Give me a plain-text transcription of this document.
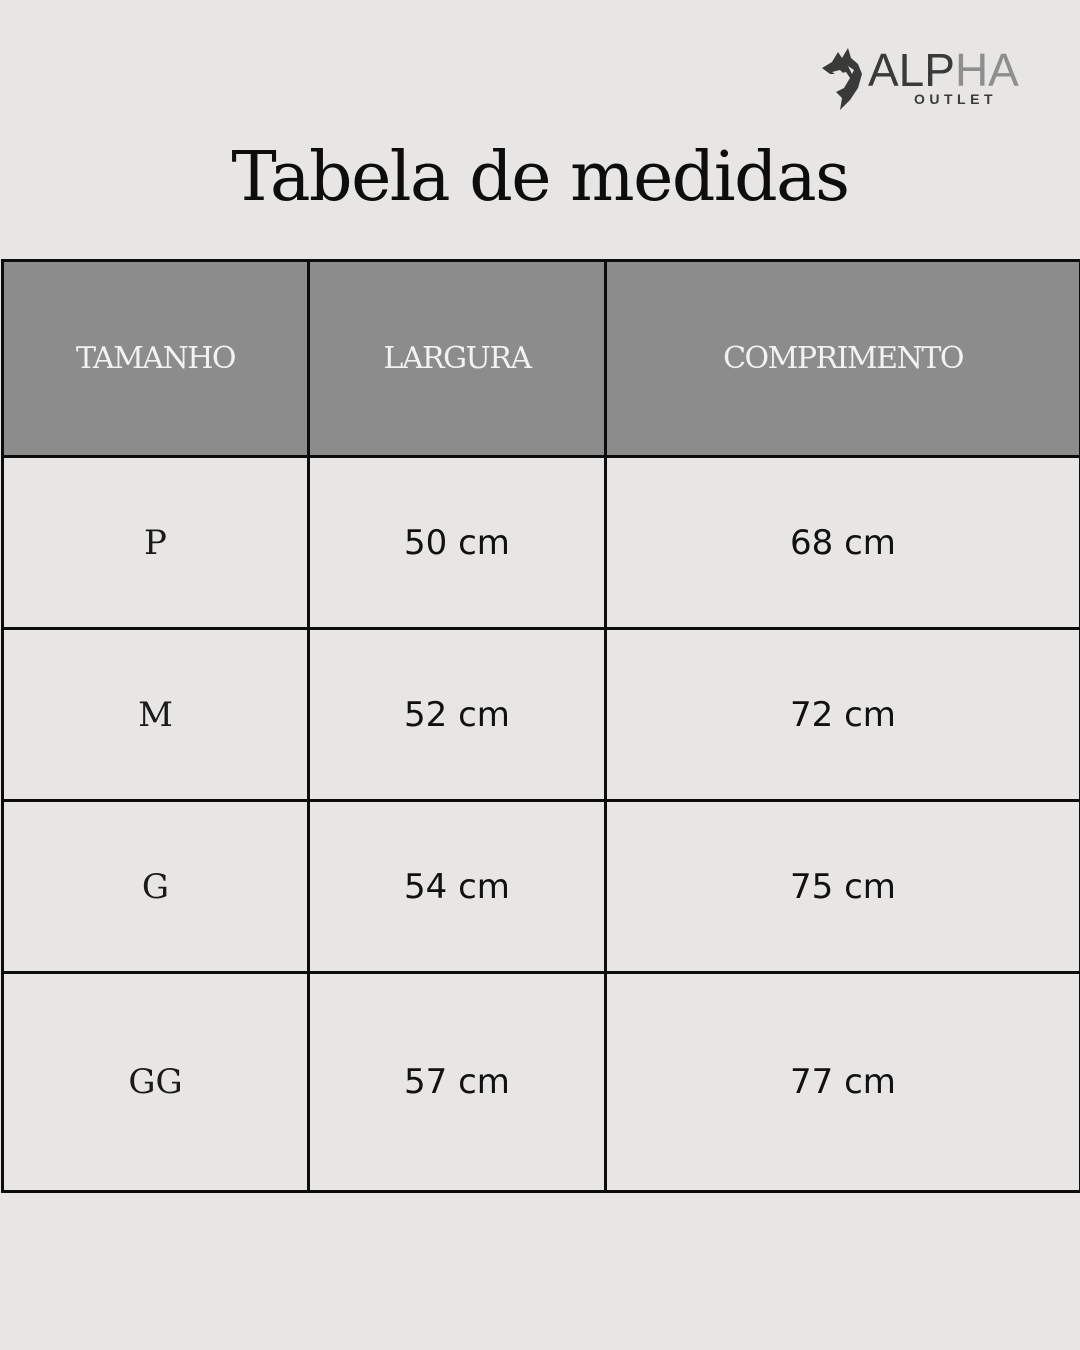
ALPHA
OUTLET
Tabela de medidas
TAMANHO	LARGURA	COMPRIMENTO
P	50 cm	68 cm
M	52 cm	72 cm
G	54 cm	75 cm
GG	57 cm	77 cm
